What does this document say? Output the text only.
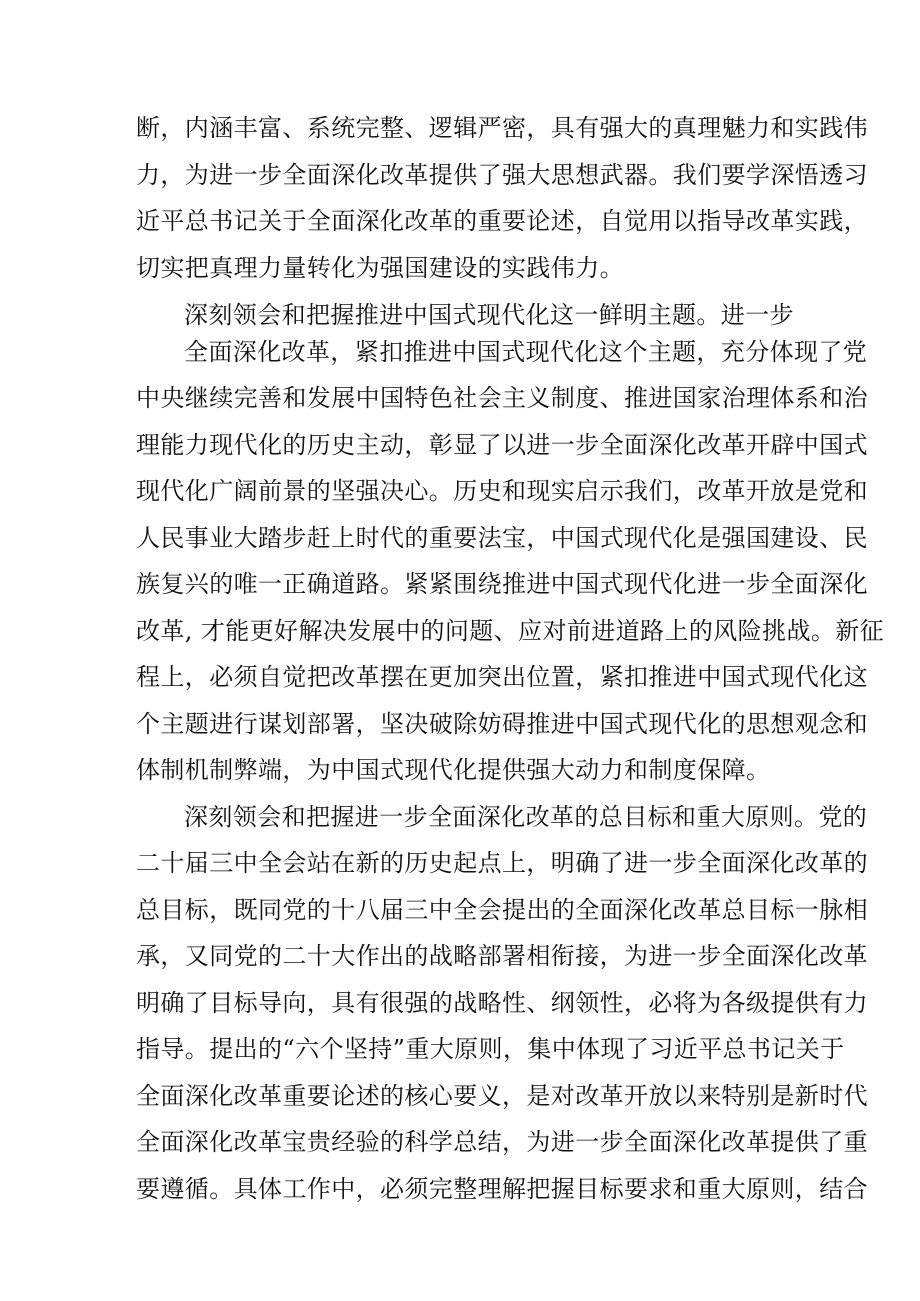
断，内涵丰富、系统完整、逻辑严密，具有强大的真理魅力和实践伟
力，为进一步全面深化改革提供了强大思想武器。我们要学深悟透习
近平总书记关于全面深化改革的重要论述，自觉用以指导改革实践，
切实把真理力量转化为强国建设的实践伟力。
深刻领会和把握推进中国式现代化这一鲜明主题。进一步
全面深化改革，紧扣推进中国式现代化这个主题，充分体现了党
中央继续完善和发展中国特色社会主义制度、推进国家治理体系和治
理能力现代化的历史主动，彰显了以进一步全面深化改革开辟中国式
现代化广阔前景的坚强决心。历史和现实启示我们，改革开放是党和
人民事业大踏步赶上时代的重要法宝，中国式现代化是强国建设、民
族复兴的唯一正确道路。紧紧围绕推进中国式现代化进一步全面深化
改革, 才能更好解决发展中的问题、应对前进道路上的风险挑战。新征
程上，必须自觉把改革摆在更加突出位置，紧扣推进中国式现代化这
个主题进行谋划部署，坚决破除妨碍推进中国式现代化的思想观念和
体制机制弊端，为中国式现代化提供强大动力和制度保障。
深刻领会和把握进一步全面深化改革的总目标和重大原则。党的
二十届三中全会站在新的历史起点上，明确了进一步全面深化改革的
总目标，既同党的十八届三中全会提出的全面深化改革总目标一脉相
承，又同党的二十大作出的战略部署相衔接，为进一步全面深化改革
明确了目标导向，具有很强的战略性、纲领性，必将为各级提供有力
指导。提出的“六个坚持”重大原则，集中体现了习近平总书记关于
全面深化改革重要论述的核心要义，是对改革开放以来特别是新时代
全面深化改革宝贵经验的科学总结，为进一步全面深化改革提供了重
要遵循。具体工作中，必须完整理解把握目标要求和重大原则，结合
